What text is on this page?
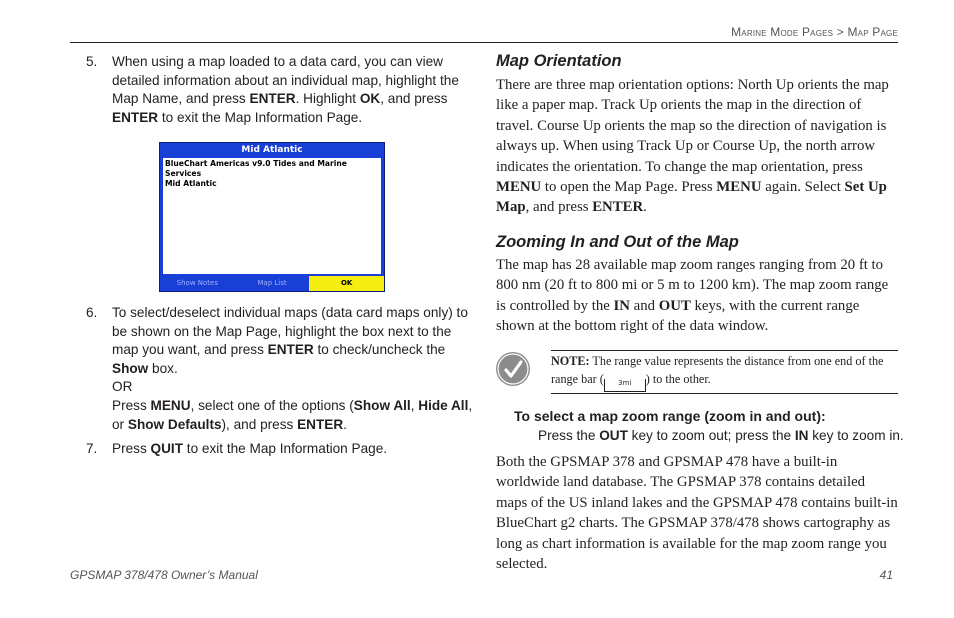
Marine Mode Pages > Map Page
5.	When using a map loaded to a data card, you can view detailed information about an individual map, highlight the Map Name, and press ENTER. Highlight OK, and press ENTER to exit the Map Information Page.
Mid Atlantic
BlueChart Americas v9.0 Tides and Marine Services
Mid Atlantic
Show Notes	Map List	OK
6.	To select/deselect individual maps (data card maps only) to be shown on the Map Page, highlight the box next to the map you want, and press ENTER to check/uncheck the Show box.
OR
Press MENU, select one of the options (Show All, Hide All, or Show Defaults), and press ENTER.
7.	Press QUIT to exit the Map Information Page.
Map Orientation
There are three map orientation options: North Up orients the map like a paper map. Track Up orients the map in the direction of travel. Course Up orients the map so the direction of navigation is always up. When using Track Up or Course Up, the north arrow indicates the orientation. To change the map orientation, press MENU to open the Map Page. Press MENU again. Select Set Up Map, and press ENTER.
Zooming In and Out of the Map
The map has 28 available map zoom ranges ranging from 20 ft to 800 nm (20 ft to 800 mi or 5 m to 1200 km). The map zoom range is controlled by the IN and OUT keys, with the current range shown at the bottom right of the data window.
NOTE: The range value represents the distance from one end of the range bar ( 3mi ) to the other.
To select a map zoom range (zoom in and out):
Press the OUT key to zoom out; press the IN key to zoom in.
Both the GPSMAP 378 and GPSMAP 478 have a built-in worldwide land database. The GPSMAP 378 contains detailed maps of the US inland lakes and the GPSMAP 478 contains built-in BlueChart g2 charts. The GPSMAP 378/478 shows cartography as long as chart information is available for the map zoom range you selected.
GPSMAP 378/478 Owner’s Manual	41
